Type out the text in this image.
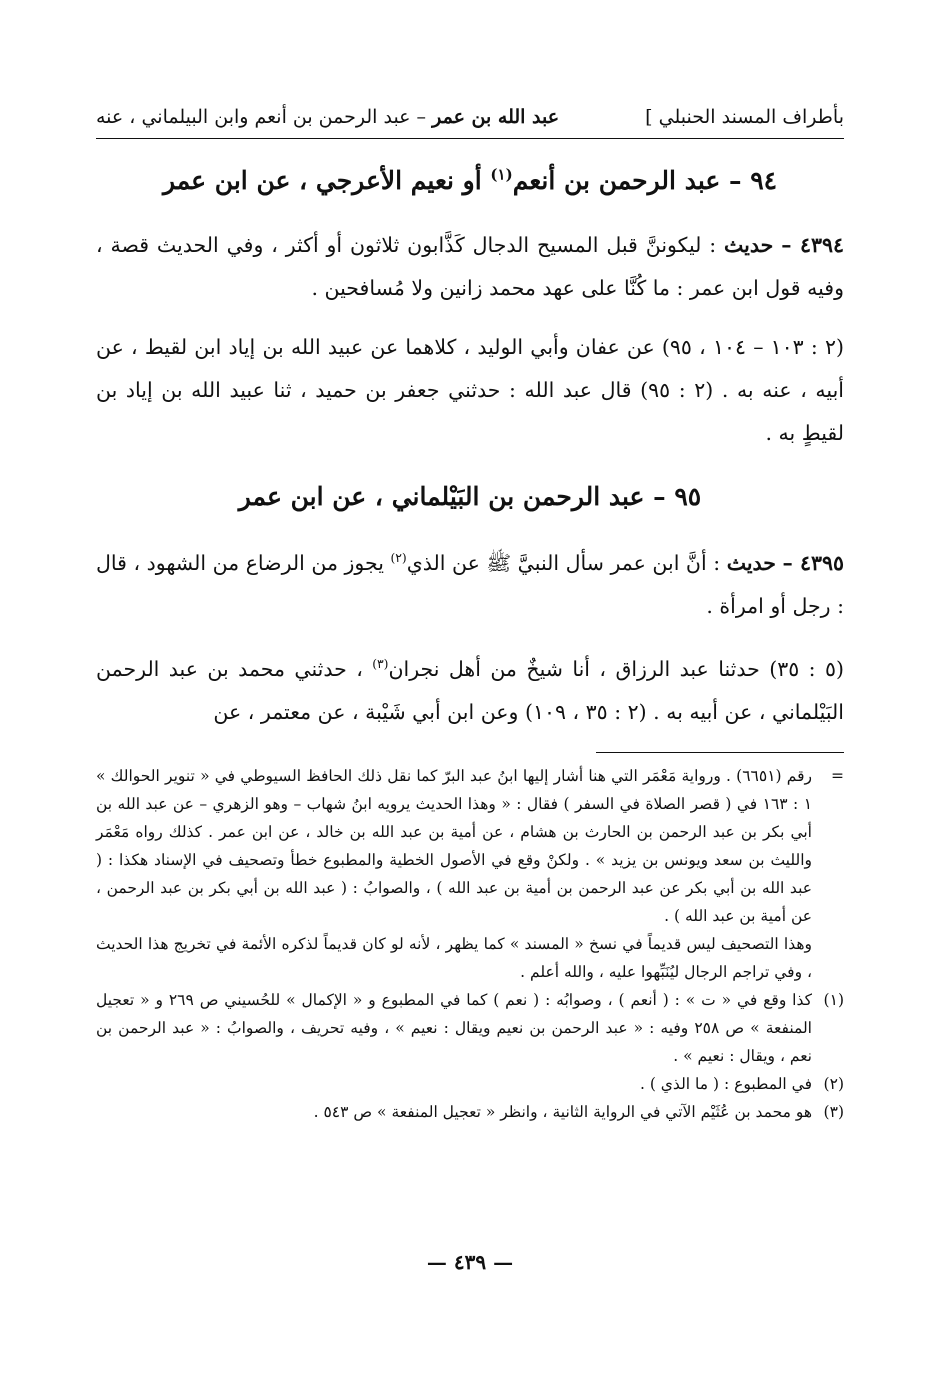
بأطراف المسند الحنبلي ]
عبد الله بن عمر – عبد الرحمن بن أنعم وابن البيلماني ، عنه
٩٤ – عبد الرحمن بن أنعم$^{(١)}$ أو نعيم الأعرجي ، عن ابن عمر
٤٣٩٤ – حديث : ليكوننَّ قبل المسيح الدجال كَذَّابون ثلاثون أو أكثر ، وفي الحديث قصة ، وفيه قول ابن عمر : ما كُنَّا على عهد محمد زانين ولا مُسافحين .
(٢ : ١٠٣ – ١٠٤ ، ٩٥) عن عفان وأبي الوليد ، كلاهما عن عبيد الله بن إياد ابن لقيط ، عن أبيه ، عنه به . (٢ : ٩٥) قال عبد الله : حدثني جعفر بن حميد ، ثنا عبيد الله بن إياد بن لقيطٍ به .
٩٥ – عبد الرحمن بن البَيْلماني ، عن ابن عمر
٤٣٩٥ – حديث : أنَّ ابن عمر سأل النبيَّ ﷺ عن الذي$^{(٢)}$ يجوز من الرضاع من الشهود ، قال : رجل أو امرأة .
(٥ : ٣٥) حدثنا عبد الرزاق ، أنا شيخٌ من أهل نجران$^{(٣)}$ ، حدثني محمد بن عبد الرحمن البَيْلماني ، عن أبيه به . (٢ : ٣٥ ، ١٠٩) وعن ابن أبي شَيْبة ، عن معتمر ، عن
=

رقم (٦٦٥١) . ورواية مَعْمَر التي هنا أشار إليها ابنُ عبد البرّ كما نقل ذلك الحافظ السيوطي في « تنوير الحوالك » ١ : ١٦٣ في ( قصر الصلاة في السفر ) فقال : « وهذا الحديث يرويه ابنُ شهاب – وهو الزهري – عن عبد الله بن أبي بكر بن عبد الرحمن بن الحارث بن هشام ، عن أمية بن عبد الله بن خالد ، عن ابن عمر . كذلك رواه مَعْمَر والليث بن سعد ويونس بن يزيد » . ولكنْ وقع في الأصول الخطية والمطبوع خطأ وتصحيف في الإسناد هكذا : ( عبد الله بن أبي بكر عن عبد الرحمن بن أمية بن عبد الله ) ، والصوابُ : ( عبد الله بن أبي بكر بن عبد الرحمن ، عن أمية بن عبد الله ) .

وهذا التصحيف ليس قديماً في نسخ « المسند » كما يظهر ، لأنه لو كان قديماً لذكره الأئمة في تخريج هذا الحديث ، وفي تراجم الرجال ليُنَبِّهوا عليه ، والله أعلم .

(١)

كذا وقع في « ت » : ( أنعم ) ، وصوابُه : ( نعم ) كما في المطبوع و « الإكمال » للحُسيني ص ٢٦٩ و « تعجيل المنفعة » ص ٢٥٨ وفيه : « عبد الرحمن بن نعيم ويقال : نعيم » ، وفيه تحريف ، والصوابُ : « عبد الرحمن بن نعم ، ويقال : نعيم » .

(٢)

في المطبوع : ( ما الذي ) .

(٣)

هو محمد بن عُثَيْم الآتي في الرواية الثانية ، وانظر « تعجيل المنفعة » ص ٥٤٣ .

— ٤٣٩ —
